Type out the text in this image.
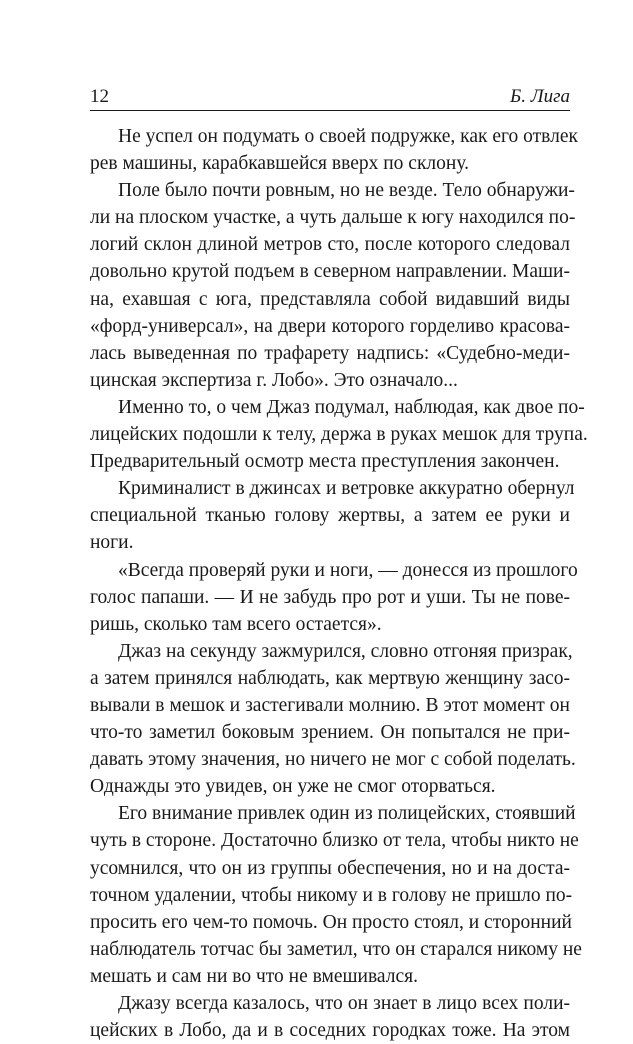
12	Б. Лига

Не успел он подумать о своей подружке, как его отвлек
рев машины, карабкавшейся вверх по склону.

Поле было почти ровным, но не везде. Тело обнаружи-
ли на плоском участке, а чуть дальше к югу находился по-
логий склон длиной метров сто, после которого следовал
довольно крутой подъем в северном направлении. Маши-
на, ехавшая с юга, представляла собой видавший виды
«форд-универсал», на двери которого горделиво красова-
лась выведенная по трафарету надпись: «Судебно-меди-
цинская экспертиза г. Лобо». Это означало...

Именно то, о чем Джаз подумал, наблюдая, как двое по-
лицейских подошли к телу, держа в руках мешок для трупа.
Предварительный осмотр места преступления закончен.

Криминалист в джинсах и ветровке аккуратно обернул
специальной тканью голову жертвы, а затем ее руки и
ноги.

«Всегда проверяй руки и ноги, — донесся из прошлого
голос папаши. — И не забудь про рот и уши. Ты не пове-
ришь, сколько там всего остается».

Джаз на секунду зажмурился, словно отгоняя призрак,
а затем принялся наблюдать, как мертвую женщину засо-
вывали в мешок и застегивали молнию. В этот момент он
что-то заметил боковым зрением. Он попытался не при-
давать этому значения, но ничего не мог с собой поделать.
Однажды это увидев, он уже не смог оторваться.

Его внимание привлек один из полицейских, стоявший
чуть в стороне. Достаточно близко от тела, чтобы никто не
усомнился, что он из группы обеспечения, но и на доста-
точном удалении, чтобы никому и в голову не пришло по-
просить его чем-то помочь. Он просто стоял, и сторонний
наблюдатель тотчас бы заметил, что он старался никому не
мешать и сам ни во что не вмешивался.

Джазу всегда казалось, что он знает в лицо всех поли-
цейских в Лобо, да и в соседних городках тоже. На этом
